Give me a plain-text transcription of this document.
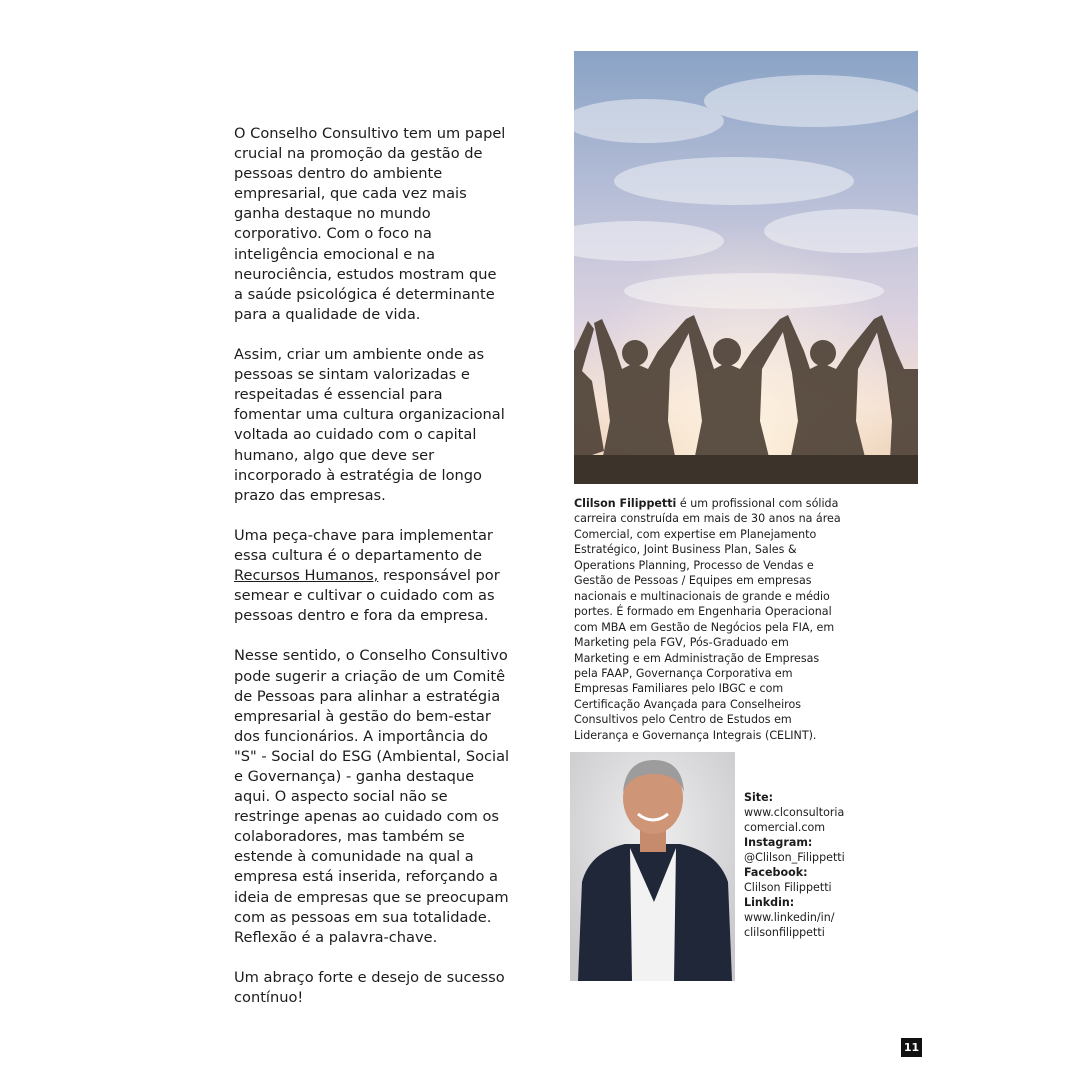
O Conselho Consultivo tem um papel crucial na promoção da gestão de pessoas dentro do ambiente empresarial, que cada vez mais ganha destaque no mundo corporativo. Com o foco na inteligência emocional e na neurociência, estudos mostram que a saúde psicológica é determinante para a qualidade de vida.

Assim, criar um ambiente onde as pessoas se sintam valorizadas e respeitadas é essencial para fomentar uma cultura organizacional voltada ao cuidado com o capital humano, algo que deve ser incorporado à estratégia de longo prazo das empresas.

Uma peça-chave para implementar essa cultura é o departamento de Recursos Humanos, responsável por semear e cultivar o cuidado com as pessoas dentro e fora da empresa.

Nesse sentido, o Conselho Consultivo pode sugerir a criação de um Comitê de Pessoas para alinhar a estratégia empresarial à gestão do bem-estar dos funcionários. A importância do "S" - Social do ESG (Ambiental, Social e Governança) - ganha destaque aqui. O aspecto social não se restringe apenas ao cuidado com os colaboradores, mas também se estende à comunidade na qual a empresa está inserida, reforçando a ideia de empresas que se preocupam com as pessoas em sua totalidade. Reflexão é a palavra-chave.

Um abraço forte e desejo de sucesso contínuo!

Clilson Filippetti é um profissional com sólida carreira construída em mais de 30 anos na área Comercial, com expertise em Planejamento Estratégico, Joint Business Plan, Sales & Operations Planning, Processo de Vendas e Gestão de Pessoas / Equipes em empresas nacionais e multinacionais de grande e médio portes. É formado em Engenharia Operacional com MBA em Gestão de Negócios pela FIA, em Marketing pela FGV, Pós-Graduado em Marketing e em Administração de Empresas pela FAAP, Governança Corporativa em Empresas Familiares pelo IBGC e com Certificação Avançada para Conselheiros Consultivos pelo Centro de Estudos em Liderança e Governança Integrais (CELINT).
Site:
www.clconsultoria
comercial.com
Instagram:
@Clilson_Filippetti
Facebook:
Clilson Filippetti
Linkdin:
www.linkedin/in/
clilsonfilippetti
11
